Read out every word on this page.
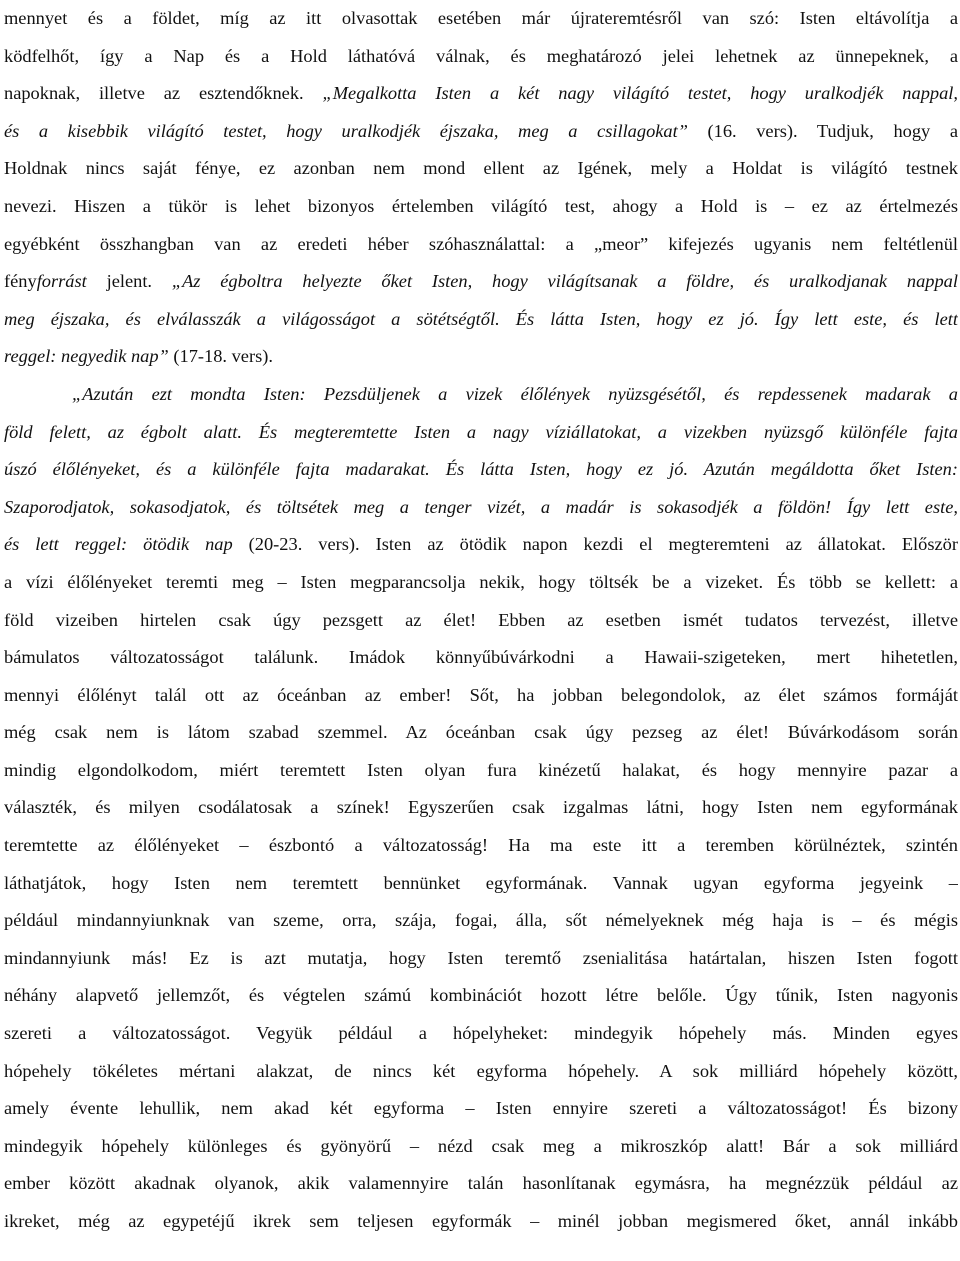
mennyet és a földet, míg az itt olvasottak esetében már újrateremtésről van szó: Isten eltávolítja a
ködfelhőt, így a Nap és a Hold láthatóvá válnak, és meghatározó jelei lehetnek az ünnepeknek, a
napoknak, illetve az esztendőknek. „Megalkotta Isten a két nagy világító testet, hogy uralkodjék nappal,
és a kisebbik világító testet, hogy uralkodjék éjszaka, meg a csillagokat” (16. vers). Tudjuk, hogy a
Holdnak nincs saját fénye, ez azonban nem mond ellent az Igének, mely a Holdat is világító testnek
nevezi. Hiszen a tükör is lehet bizonyos értelemben világító test, ahogy a Hold is – ez az értelmezés
egyébként összhangban van az eredeti héber szóhasználattal: a „meor” kifejezés ugyanis nem feltétlenül
fényforrást jelent. „Az égboltra helyezte őket Isten, hogy világítsanak a földre, és uralkodjanak nappal
meg éjszaka, és elválasszák a világosságot a sötétségtől. És látta Isten, hogy ez jó. Így lett este, és lett
reggel: negyedik nap” (17-18. vers).
„Azután ezt mondta Isten: Pezsdüljenek a vizek élőlények nyüzsgésétől, és repdessenek madarak a
föld felett, az égbolt alatt. És megteremtette Isten a nagy víziállatokat, a vizekben nyüzsgő különféle fajta
úszó élőlényeket, és a különféle fajta madarakat. És látta Isten, hogy ez jó. Azután megáldotta őket Isten:
Szaporodjatok, sokasodjatok, és töltsétek meg a tenger vizét, a madár is sokasodjék a földön! Így lett este,
és lett reggel: ötödik nap (20-23. vers). Isten az ötödik napon kezdi el megteremteni az állatokat. Először
a vízi élőlényeket teremti meg – Isten megparancsolja nekik, hogy töltsék be a vizeket. És több se kellett: a
föld vizeiben hirtelen csak úgy pezsgett az élet! Ebben az esetben ismét tudatos tervezést, illetve
bámulatos változatosságot találunk. Imádok könnyűbúvárkodni a Hawaii-szigeteken, mert hihetetlen,
mennyi élőlényt talál ott az óceánban az ember! Sőt, ha jobban belegondolok, az élet számos formáját
még csak nem is látom szabad szemmel. Az óceánban csak úgy pezseg az élet! Búvárkodásom során
mindig elgondolkodom, miért teremtett Isten olyan fura kinézetű halakat, és hogy mennyire pazar a
választék, és milyen csodálatosak a színek! Egyszerűen csak izgalmas látni, hogy Isten nem egyformának
teremtette az élőlényeket – észbontó a változatosság! Ha ma este itt a teremben körülnéztek, szintén
láthatjátok, hogy Isten nem teremtett bennünket egyformának. Vannak ugyan egyforma jegyeink –
például mindannyiunknak van szeme, orra, szája, fogai, álla, sőt némelyeknek még haja is – és mégis
mindannyiunk más! Ez is azt mutatja, hogy Isten teremtő zsenialitása határtalan, hiszen Isten fogott
néhány alapvető jellemzőt, és végtelen számú kombinációt hozott létre belőle. Úgy tűnik, Isten nagyonis
szereti a változatosságot. Vegyük például a hópelyheket: mindegyik hópehely más. Minden egyes
hópehely tökéletes mértani alakzat, de nincs két egyforma hópehely. A sok milliárd hópehely között,
amely évente lehullik, nem akad két egyforma – Isten ennyire szereti a változatosságot! És bizony
mindegyik hópehely különleges és gyönyörű – nézd csak meg a mikroszkóp alatt! Bár a sok milliárd
ember között akadnak olyanok, akik valamennyire talán hasonlítanak egymásra, ha megnézzük például az
ikreket, még az egypetéjű ikrek sem teljesen egyformák – minél jobban megismered őket, annál inkább
